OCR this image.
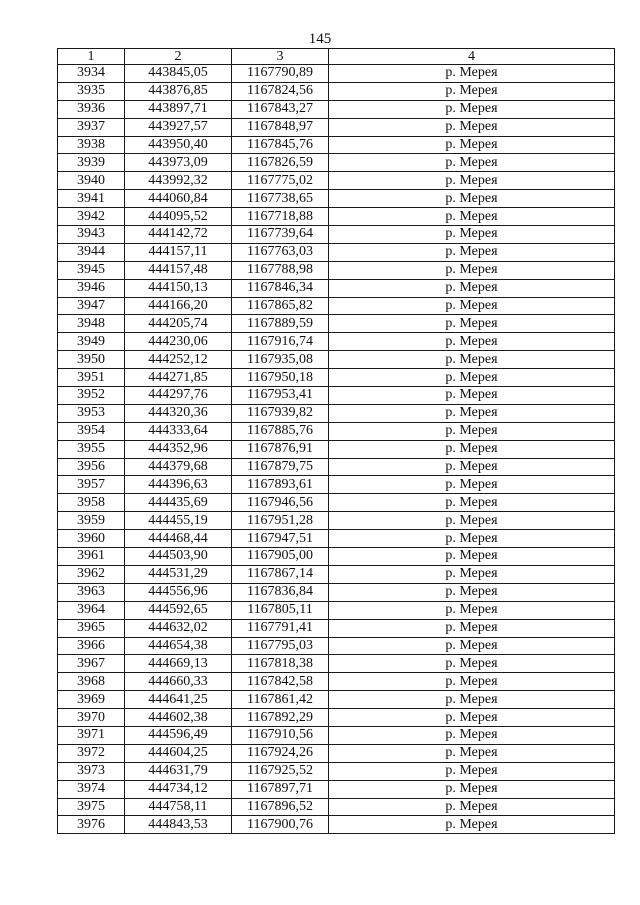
145
1	2	3	4
3934	443845,05	1167790,89	р. Мерея
3935	443876,85	1167824,56	р. Мерея
3936	443897,71	1167843,27	р. Мерея
3937	443927,57	1167848,97	р. Мерея
3938	443950,40	1167845,76	р. Мерея
3939	443973,09	1167826,59	р. Мерея
3940	443992,32	1167775,02	р. Мерея
3941	444060,84	1167738,65	р. Мерея
3942	444095,52	1167718,88	р. Мерея
3943	444142,72	1167739,64	р. Мерея
3944	444157,11	1167763,03	р. Мерея
3945	444157,48	1167788,98	р. Мерея
3946	444150,13	1167846,34	р. Мерея
3947	444166,20	1167865,82	р. Мерея
3948	444205,74	1167889,59	р. Мерея
3949	444230,06	1167916,74	р. Мерея
3950	444252,12	1167935,08	р. Мерея
3951	444271,85	1167950,18	р. Мерея
3952	444297,76	1167953,41	р. Мерея
3953	444320,36	1167939,82	р. Мерея
3954	444333,64	1167885,76	р. Мерея
3955	444352,96	1167876,91	р. Мерея
3956	444379,68	1167879,75	р. Мерея
3957	444396,63	1167893,61	р. Мерея
3958	444435,69	1167946,56	р. Мерея
3959	444455,19	1167951,28	р. Мерея
3960	444468,44	1167947,51	р. Мерея
3961	444503,90	1167905,00	р. Мерея
3962	444531,29	1167867,14	р. Мерея
3963	444556,96	1167836,84	р. Мерея
3964	444592,65	1167805,11	р. Мерея
3965	444632,02	1167791,41	р. Мерея
3966	444654,38	1167795,03	р. Мерея
3967	444669,13	1167818,38	р. Мерея
3968	444660,33	1167842,58	р. Мерея
3969	444641,25	1167861,42	р. Мерея
3970	444602,38	1167892,29	р. Мерея
3971	444596,49	1167910,56	р. Мерея
3972	444604,25	1167924,26	р. Мерея
3973	444631,79	1167925,52	р. Мерея
3974	444734,12	1167897,71	р. Мерея
3975	444758,11	1167896,52	р. Мерея
3976	444843,53	1167900,76	р. Мерея
